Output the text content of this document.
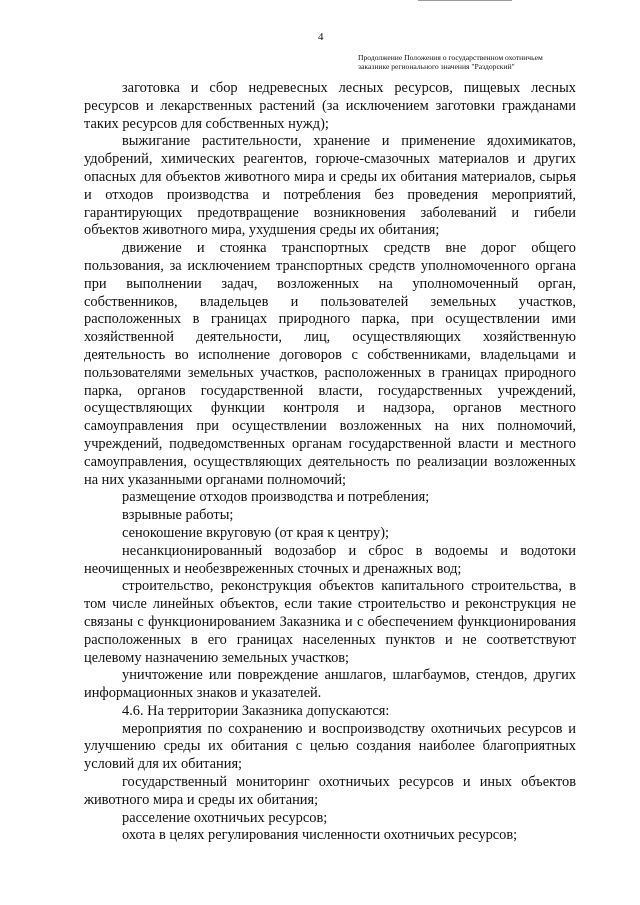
4
Продолжение Положения о государственном охотничьем
заказнике регионального значения "Раздорский"

заготовка и сбор недревесных лесных ресурсов, пищевых лесных ресурсов и лекарственных растений (за исключением заготовки гражданами таких ресурсов для собственных нужд);

выжигание растительности, хранение и применение ядохимикатов, удобрений, химических реагентов, горюче-смазочных материалов и других опасных для объектов животного мира и среды их обитания материалов, сырья и отходов производства и потребления без проведения мероприятий, гарантирующих предотвращение возникновения заболеваний и гибели объектов животного мира, ухудшения среды их обитания;

движение и стоянка транспортных средств вне дорог общего пользования, за исключением транспортных средств уполномоченного органа при выполнении задач, возложенных на уполномоченный орган, собственников, владельцев и пользователей земельных участков, расположенных в границах природного парка, при осуществлении ими хозяйственной деятельности, лиц, осуществляющих хозяйственную деятельность во исполнение договоров с собственниками, владельцами и пользователями земельных участков, расположенных в границах природного парка, органов государственной власти, государственных учреждений, осуществляющих функции контроля и надзора, органов местного самоуправления при осуществлении возложенных на них полномочий, учреждений, подведомственных органам государственной власти и местного самоуправления, осуществляющих деятельность по реализации возложенных на них указанными органами полномочий;

размещение отходов производства и потребления;

взрывные работы;

сенокошение вкруговую (от края к центру);

несанкционированный водозабор и сброс в водоемы и водотоки неочищенных и необезвреженных сточных и дренажных вод;

строительство, реконструкция объектов капитального строительства, в том числе линейных объектов, если такие строительство и реконструкция не связаны с функционированием Заказника и с обеспечением функционирования расположенных в его границах населенных пунктов и не соответствуют целевому назначению земельных участков;

уничтожение или повреждение аншлагов, шлагбаумов, стендов, других информационных знаков и указателей.

4.6. На территории Заказника допускаются:

мероприятия по сохранению и воспроизводству охотничьих ресурсов и улучшению среды их обитания с целью создания наиболее благоприятных условий для их обитания;

государственный мониторинг охотничьих ресурсов и иных объектов животного мира и среды их обитания;

расселение охотничьих ресурсов;

охота в целях регулирования численности охотничьих ресурсов;
